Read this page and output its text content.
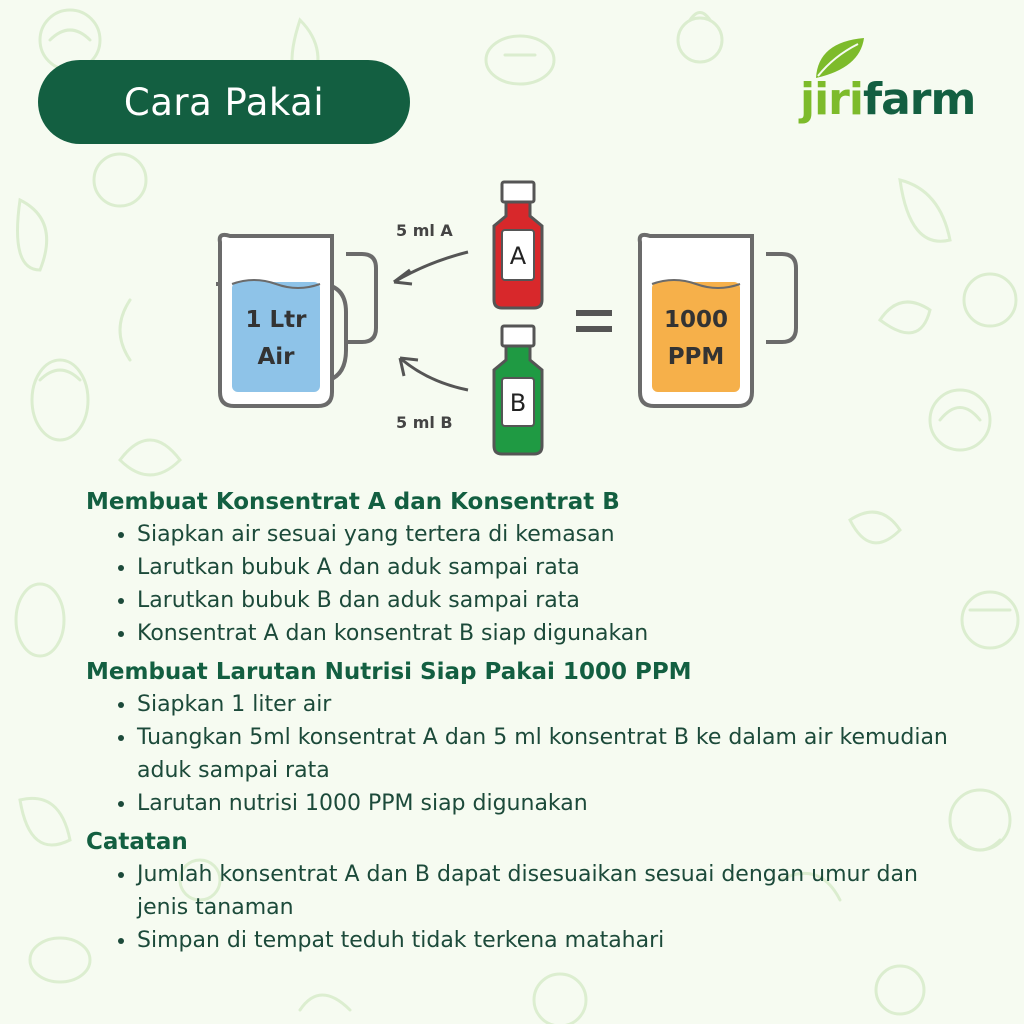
Cara Pakai	jirifarm
1 Ltr
Air
5 ml A
5 ml B
A
B
1000
PPM

Membuat Konsentrat A dan Konsentrat B

Siapkan air sesuai yang tertera di kemasan
Larutkan bubuk A dan aduk sampai rata
Larutkan bubuk B dan aduk sampai rata
Konsentrat A dan konsentrat B siap digunakan

Membuat Larutan Nutrisi Siap Pakai 1000 PPM

Siapkan 1 liter air
Tuangkan 5ml konsentrat A dan 5 ml konsentrat B ke dalam air kemudian aduk sampai rata
Larutan nutrisi 1000 PPM siap digunakan

Catatan

Jumlah konsentrat A dan B dapat disesuaikan sesuai dengan umur dan jenis tanaman
Simpan di tempat teduh tidak terkena matahari
